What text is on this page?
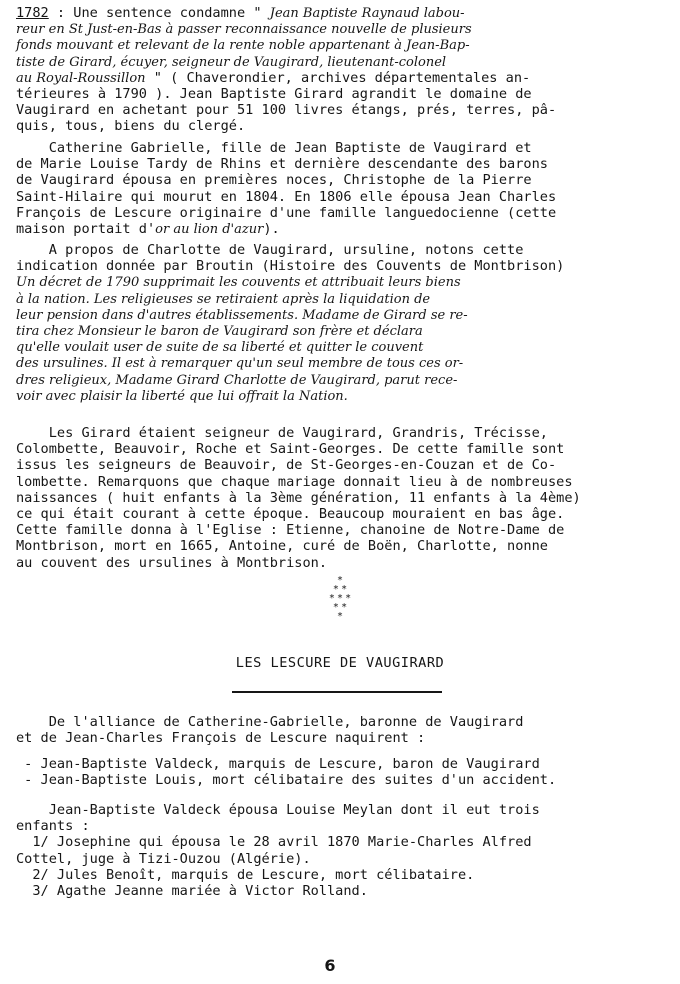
1782 : Une sentence condamne " Jean Baptiste Raynaud labou-
reur en St Just-en-Bas à passer reconnaissance nouvelle de plusieurs
fonds mouvant et relevant de la rente noble appartenant à Jean-Bap-
tiste de Girard, écuyer, seigneur de Vaugirard, lieutenant-colonel
au Royal-Roussillon " ( Chaverondier, archives départementales an-
térieures à 1790 ). Jean Baptiste Girard agrandit le domaine de
Vaugirard en achetant pour 51 100 livres étangs, prés, terres, pâ-
quis, tous, biens du clergé.
Catherine Gabrielle, fille de Jean Baptiste de Vaugirard et
de Marie Louise Tardy de Rhins et dernière descendante des barons
de Vaugirard épousa en premières noces, Christophe de la Pierre
Saint-Hilaire qui mourut en 1804. En 1806 elle épousa Jean Charles
François de Lescure originaire d'une famille languedocienne (cette
maison portait d'or au lion d'azur).
A propos de Charlotte de Vaugirard, ursuline, notons cette
indication donnée par Broutin (Histoire des Couvents de Montbrison)
Un décret de 1790 supprimait les couvents et attribuait leurs biens
à la nation. Les religieuses se retiraient après la liquidation de
leur pension dans d'autres établissements. Madame de Girard se re-
tira chez Monsieur le baron de Vaugirard son frère et déclara
qu'elle voulait user de suite de sa liberté et quitter le couvent
des ursulines. Il est à remarquer qu'un seul membre de tous ces or-
dres religieux, Madame Girard Charlotte de Vaugirard, parut rece-
voir avec plaisir la liberté que lui offrait la Nation.
Les Girard étaient seigneur de Vaugirard, Grandris, Trécisse,
Colombette, Beauvoir, Roche et Saint-Georges. De cette famille sont
issus les seigneurs de Beauvoir, de St-Georges-en-Couzan et de Co-
lombette. Remarquons que chaque mariage donnait lieu à de nombreuses
naissances ( huit enfants à la 3ème génération, 11 enfants à la 4ème)
ce qui était courant à cette époque. Beaucoup mouraient en bas âge.
Cette famille donna à l'Eglise : Etienne, chanoine de Notre-Dame de
Montbrison, mort en 1665, Antoine, curé de Boën, Charlotte, nonne
au couvent des ursulines à Montbrison.
*
* *
* * *
* *
*
LES LESCURE DE VAUGIRARD
De l'alliance de Catherine-Gabrielle, baronne de Vaugirard
et de Jean-Charles François de Lescure naquirent :
- Jean-Baptiste Valdeck, marquis de Lescure, baron de Vaugirard
- Jean-Baptiste Louis, mort célibataire des suites d'un accident.
Jean-Baptiste Valdeck épousa Louise Meylan dont il eut trois
enfants :
1/ Josephine qui épousa le 28 avril 1870 Marie-Charles Alfred
Cottel, juge à Tizi-Ouzou (Algérie).
2/ Jules Benoît, marquis de Lescure, mort célibataire.
3/ Agathe Jeanne mariée à Victor Rolland.
6
